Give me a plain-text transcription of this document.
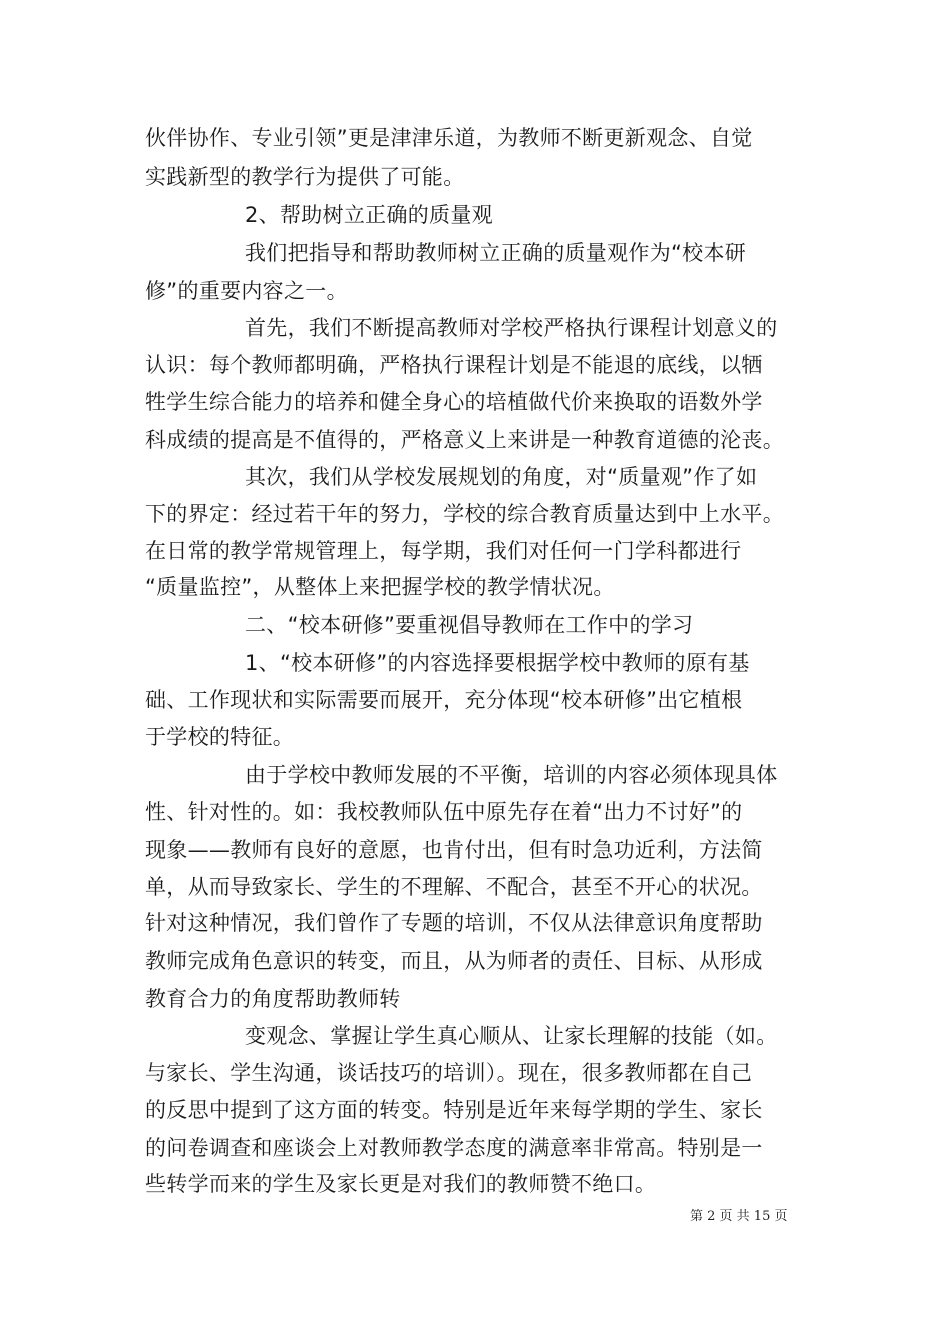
伙伴协作、专业引领”更是津津乐道，为教师不断更新观念、自觉
实践新型的教学行为提供了可能。
2、帮助树立正确的质量观
我们把指导和帮助教师树立正确的质量观作为“校本研
修”的重要内容之一。
首先，我们不断提高教师对学校严格执行课程计划意义的
认识：每个教师都明确，严格执行课程计划是不能退的底线，以牺
牲学生综合能力的培养和健全身心的培植做代价来换取的语数外学
科成绩的提高是不值得的，严格意义上来讲是一种教育道德的沦丧。
其次，我们从学校发展规划的角度，对“质量观”作了如
下的界定：经过若干年的努力，学校的综合教育质量达到中上水平。
在日常的教学常规管理上，每学期，我们对任何一门学科都进行
“质量监控”，从整体上来把握学校的教学情状况。
二、“校本研修”要重视倡导教师在工作中的学习
1、“校本研修”的内容选择要根据学校中教师的原有基
础、工作现状和实际需要而展开，充分体现“校本研修”出它植根
于学校的特征。
由于学校中教师发展的不平衡，培训的内容必须体现具体
性、针对性的。如：我校教师队伍中原先存在着“出力不讨好”的
现象——教师有良好的意愿，也肯付出，但有时急功近利，方法简
单，从而导致家长、学生的不理解、不配合，甚至不开心的状况。
针对这种情况，我们曾作了专题的培训，不仅从法律意识角度帮助
教师完成角色意识的转变，而且，从为师者的责任、目标、从形成
教育合力的角度帮助教师转
变观念、掌握让学生真心顺从、让家长理解的技能（如。
与家长、学生沟通，谈话技巧的培训）。现在，很多教师都在自己
的反思中提到了这方面的转变。特别是近年来每学期的学生、家长
的问卷调查和座谈会上对教师教学态度的满意率非常高。特别是一
些转学而来的学生及家长更是对我们的教师赞不绝口。
第 2 页 共 15 页
